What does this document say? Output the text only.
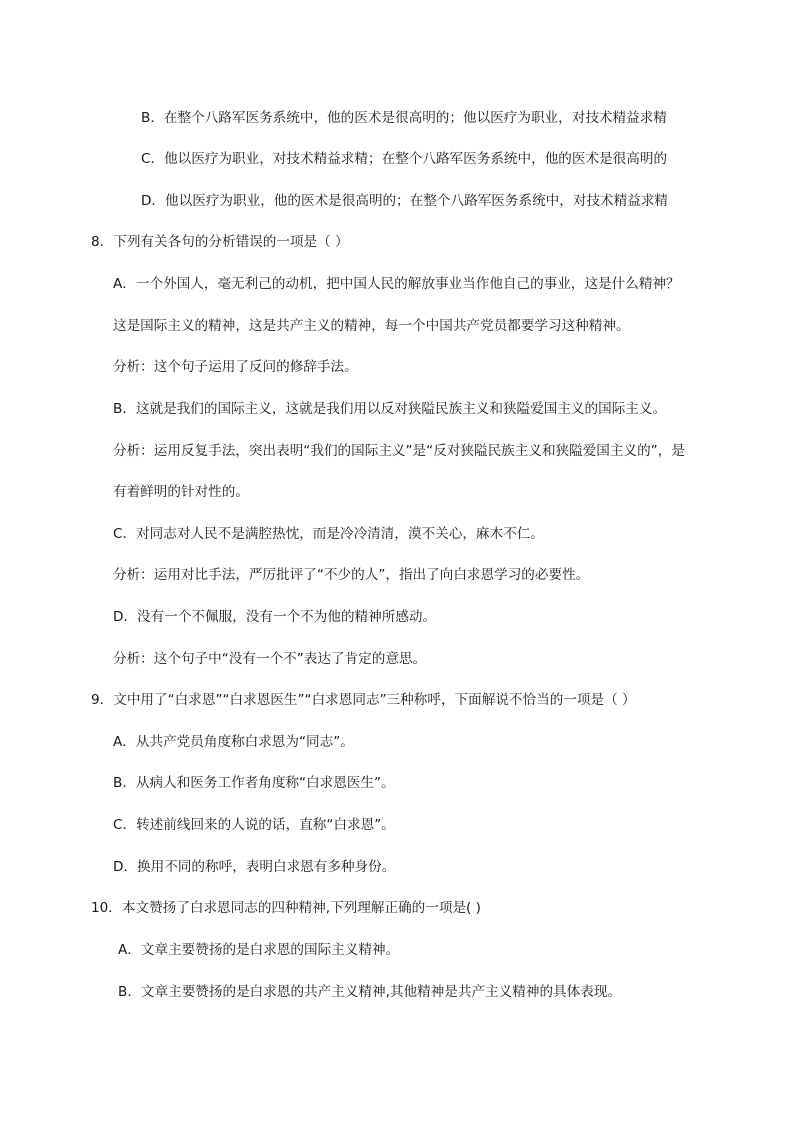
B．在整个八路军医务系统中，他的医术是很高明的；他以医疗为职业，对技术精益求精
C．他以医疗为职业，对技术精益求精；在整个八路军医务系统中，他的医术是很高明的
D．他以医疗为职业，他的医术是很高明的；在整个八路军医务系统中，对技术精益求精
8．下列有关各句的分析错误的一项是（ ）
A．一个外国人，毫无利己的动机，把中国人民的解放事业当作他自己的事业，这是什么精神？
这是国际主义的精神，这是共产主义的精神，每一个中国共产党员都要学习这种精神。
分析：这个句子运用了反问的修辞手法。
B．这就是我们的国际主义，这就是我们用以反对狭隘民族主义和狭隘爱国主义的国际主义。
分析：运用反复手法，突出表明“我们的国际主义”是“反对狭隘民族主义和狭隘爱国主义的”，是
有着鲜明的针对性的。
C．对同志对人民不是满腔热忱，而是冷冷清清，漠不关心，麻木不仁。
分析：运用对比手法，严厉批评了“不少的人”，指出了向白求恩学习的必要性。
D．没有一个不佩服，没有一个不为他的精神所感动。
分析：这个句子中“没有一个不”表达了肯定的意思。
9．文中用了“白求恩”“白求恩医生”“白求恩同志”三种称呼，下面解说不恰当的一项是（ ）
A．从共产党员角度称白求恩为“同志”。
B．从病人和医务工作者角度称“白求恩医生”。
C．转述前线回来的人说的话，直称“白求恩”。
D．换用不同的称呼，表明白求恩有多种身份。
10．本文赞扬了白求恩同志的四种精神,下列理解正确的一项是( )
A．文章主要赞扬的是白求恩的国际主义精神。
B．文章主要赞扬的是白求恩的共产主义精神,其他精神是共产主义精神的具体表现。
